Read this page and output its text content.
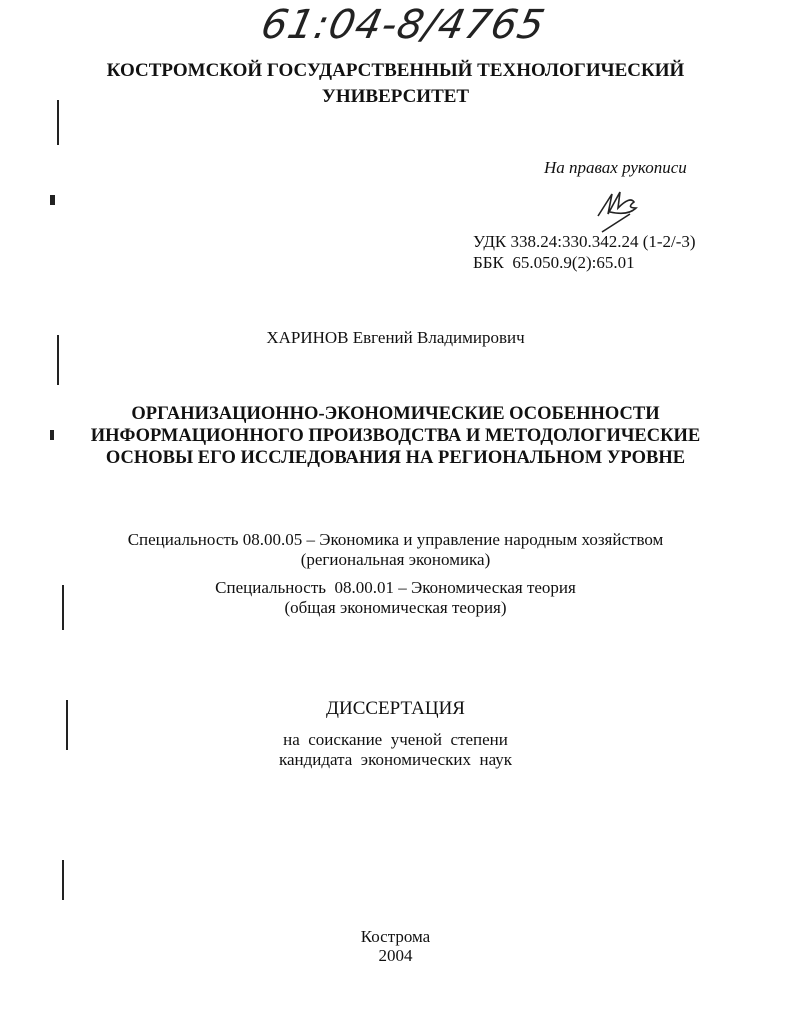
61:04-8/4765
КОСТРОМСКОЙ ГОСУДАРСТВЕННЫЙ ТЕХНОЛОГИЧЕСКИЙ
УНИВЕРСИТЕТ
На правах рукописи
УДК 338.24:330.342.24 (1-2/-3)
ББК  65.050.9(2):65.01
ХАРИНОВ Евгений Владимирович
ОРГАНИЗАЦИОННО-ЭКОНОМИЧЕСКИЕ ОСОБЕННОСТИ
ИНФОРМАЦИОННОГО ПРОИЗВОДСТВА И МЕТОДОЛОГИЧЕСКИЕ
ОСНОВЫ ЕГО ИССЛЕДОВАНИЯ НА РЕГИОНАЛЬНОМ УРОВНЕ
Специальность 08.00.05 – Экономика и управление народным хозяйством
(региональная экономика)
Специальность  08.00.01 – Экономическая теория
(общая экономическая теория)
ДИССЕРТАЦИЯ
на  соискание  ученой  степени
кандидата  экономических  наук
Кострома
2004
